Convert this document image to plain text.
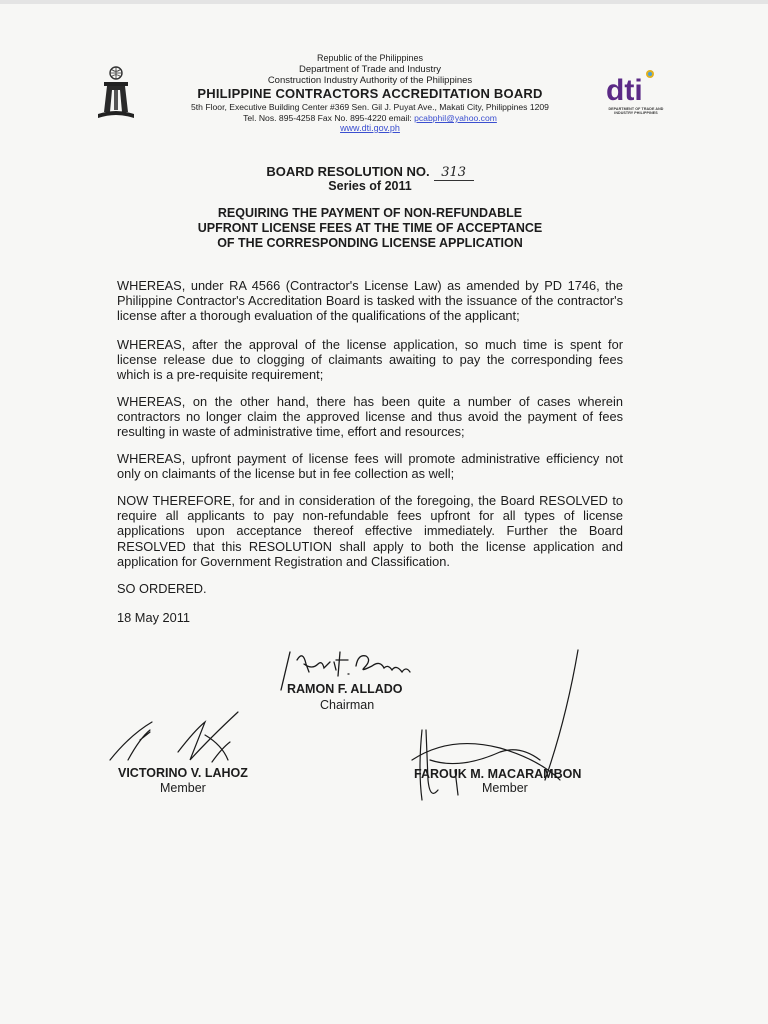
dti
DEPARTMENT OF TRADE AND INDUSTRY PHILIPPINES
Republic of the Philippines
Department of Trade and Industry
Construction Industry Authority of the Philippines
PHILIPPINE CONTRACTORS ACCREDITATION BOARD
5th Floor, Executive Building Center #369 Sen. Gil J. Puyat Ave., Makati City, Philippines 1209
Tel. Nos. 895-4258 Fax No. 895-4220 email: pcabphil@yahoo.com
www.dti.gov.ph
BOARD RESOLUTION NO. 313
Series of 2011
REQUIRING THE PAYMENT OF NON-REFUNDABLE
UPFRONT LICENSE FEES AT THE TIME OF ACCEPTANCE
OF THE CORRESPONDING LICENSE APPLICATION
WHEREAS, under RA 4566 (Contractor's License Law) as amended by PD 1746, the Philippine Contractor's Accreditation Board is tasked with the issuance of the contractor's license after a thorough evaluation of the qualifications of the applicant;
WHEREAS, after the approval of the license application, so much time is spent for license release due to clogging of claimants awaiting to pay the corresponding fees which is a pre-requisite requirement;
WHEREAS, on the other hand, there has been quite a number of cases wherein contractors no longer claim the approved license and thus avoid the payment of fees resulting in waste of administrative time, effort and resources;
WHEREAS, upfront payment of license fees will promote administrative efficiency not only on claimants of the license but in fee collection as well;
NOW THEREFORE, for and in consideration of the foregoing, the Board RESOLVED to require all applicants to pay non-refundable fees upfront for all types of license applications upon acceptance thereof effective immediately. Further the Board RESOLVED that this RESOLUTION shall apply to both the license application and application for Government Registration and Classification.
SO ORDERED.
18 May 2011
RAMON F. ALLADO
Chairman
VICTORINO V. LAHOZ
Member
FAROUK M. MACARAMBON
Member
